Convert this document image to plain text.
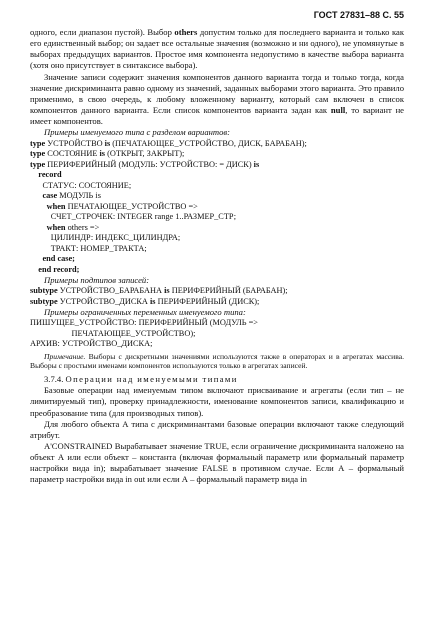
ГОСТ 27831–88 С. 55

одного, если диапазон пустой). Выбор others допустим только для последнего варианта и только как его единственный выбор; он задает все остальные значения (возможно и ни одного), не упомянутые в выборах предыдущих вариантов. Простое имя компонента недопустимо в качестве выбора варианта (хотя оно присутствует в синтаксисе выбора).

Значение записи содержит значения компонентов данного варианта тогда и только тогда, когда значение дискриминанта равно одному из значений, заданных выборами этого варианта. Это правило применимо, в свою очередь, к любому вложенному варианту, который сам включен в список компонентов данного варианта. Если список компонентов варианта задан как null, то вариант не имеет компонентов.

Примеры именуемого типа с разделом вариантов:

type УСТРОЙСТВО is (ПЕЧАТАЮЩЕЕ_УСТРОЙСТВО, ДИСК, БАРАБАН);
type СОСТОЯНИЕ is (ОТКРЫТ, ЗАКРЫТ);
type ПЕРИФЕРИЙНЫЙ (МОДУЛЬ: УСТРОЙСТВО: = ДИСК) is
record
СТАТУС: СОСТОЯНИЕ;
case МОДУЛЬ is
when ПЕЧАТАЮЩЕЕ_УСТРОЙСТВО =>
СЧЕТ_СТРОЧЕК: INTEGER range 1..РАЗМЕР_СТР;
when others =>
ЦИЛИНДР: ИНДЕКС_ЦИЛИНДРА;
ТРАКТ: НОМЕР_ТРАКТА;
end case;
end record;

Примеры подтипов записей:

subtype УСТРОЙСТВО_БАРАБАНА is ПЕРИФЕРИЙНЫЙ (БАРАБАН);
subtype УСТРОЙСТВО_ДИСКА is ПЕРИФЕРИЙНЫЙ (ДИСК);

Примеры ограниченных переменных именуемого типа:

ПИШУЩЕЕ_УСТРОЙСТВО: ПЕРИФЕРИЙНЫЙ (МОДУЛЬ =>
ПЕЧАТАЮЩЕЕ_УСТРОЙСТВО);
АРХИВ: УСТРОЙСТВО_ДИСКА;

Примечание. Выборы с дискретными значениями используются также в операторах и в агрегатах массива. Выборы с простыми именами компонентов используются только в агрегатах записей.

3.7.4. Операции над именуемыми типами

Базовые операции над именуемым типом включают присваивание и агрегаты (если тип – не лимитируемый тип), проверку принадлежности, именование компонентов записи, квалификацию и преобразование типа (для производных типов).

Для любого объекта А типа с дискриминантами базовые операции включают также следующий атрибут.

A'CONSTRAINED Вырабатывает значение TRUE, если ограничение дискриминанта наложено на объект А или если объект – константа (включая формальный параметр или формальный параметр настройки вида in); вырабатывает значение FALSE в противном случае. Если А – формальный параметр настройки вида in out или если А – формальный параметр вида in
